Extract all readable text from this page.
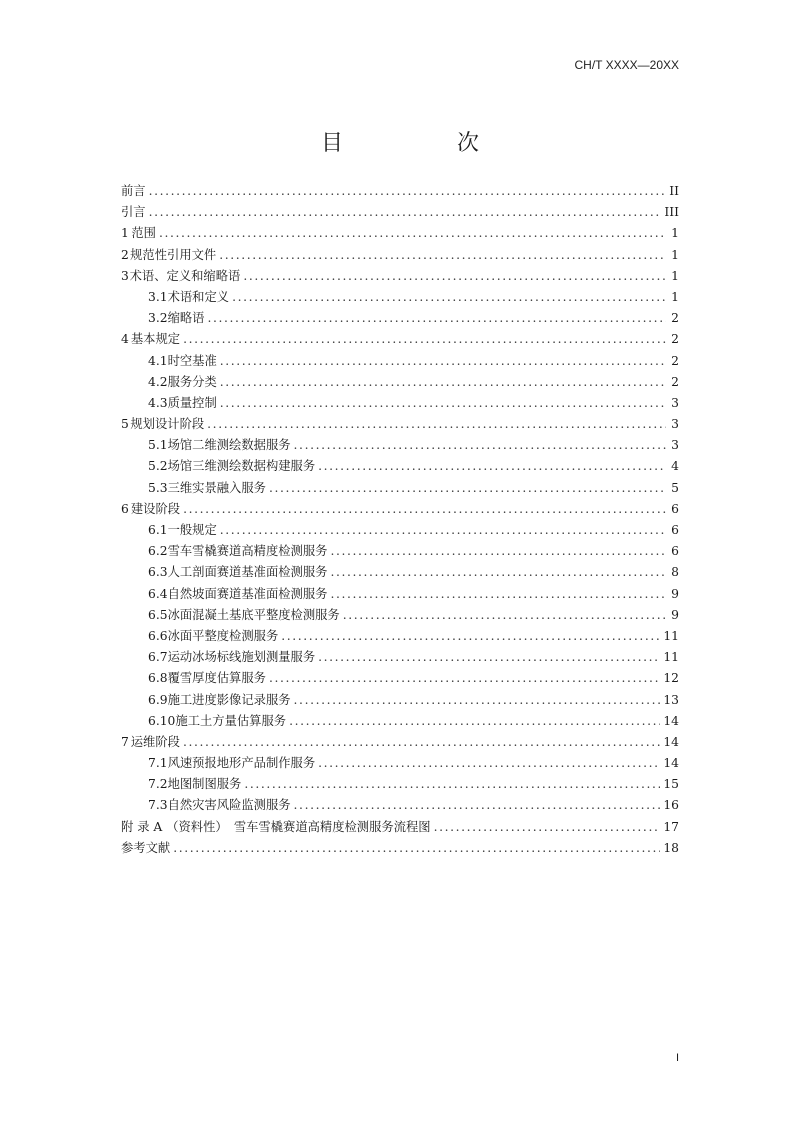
CH/T XXXX—20XX
目　次
前言 .....	II
引言 .....	III
1 范围 .....	1
2 规范性引用文件 .....	1
3 术语、定义和缩略语 .....	1
3.1 术语和定义 .....	1
3.2 缩略语 .....	2
4 基本规定 .....	2
4.1 时空基准 .....	2
4.2 服务分类 .....	2
4.3 质量控制 .....	3
5 规划设计阶段 .....	3
5.1 场馆二维测绘数据服务 .....	3
5.2 场馆三维测绘数据构建服务 .....	4
5.3 三维实景融入服务 .....	5
6 建设阶段 .....	6
6.1 一般规定 .....	6
6.2 雪车雪橇赛道高精度检测服务 .....	6
6.3 人工剖面赛道基准面检测服务 .....	8
6.4 自然坡面赛道基准面检测服务 .....	9
6.5 冰面混凝土基底平整度检测服务 .....	9
6.6 冰面平整度检测服务 .....	11
6.7 运动冰场标线施划测量服务 .....	11
6.8 覆雪厚度估算服务 .....	12
6.9 施工进度影像记录服务 .....	13
6.10 施工土方量估算服务 .....	14
7 运维阶段 .....	14
7.1 风速预报地形产品制作服务 .....	14
7.2 地图制图服务 .....	15
7.3 自然灾害风险监测服务 .....	16
附 录 A （资料性）　雪车雪橇赛道高精度检测服务流程图 .....	17
参考文献 .....	18
I
